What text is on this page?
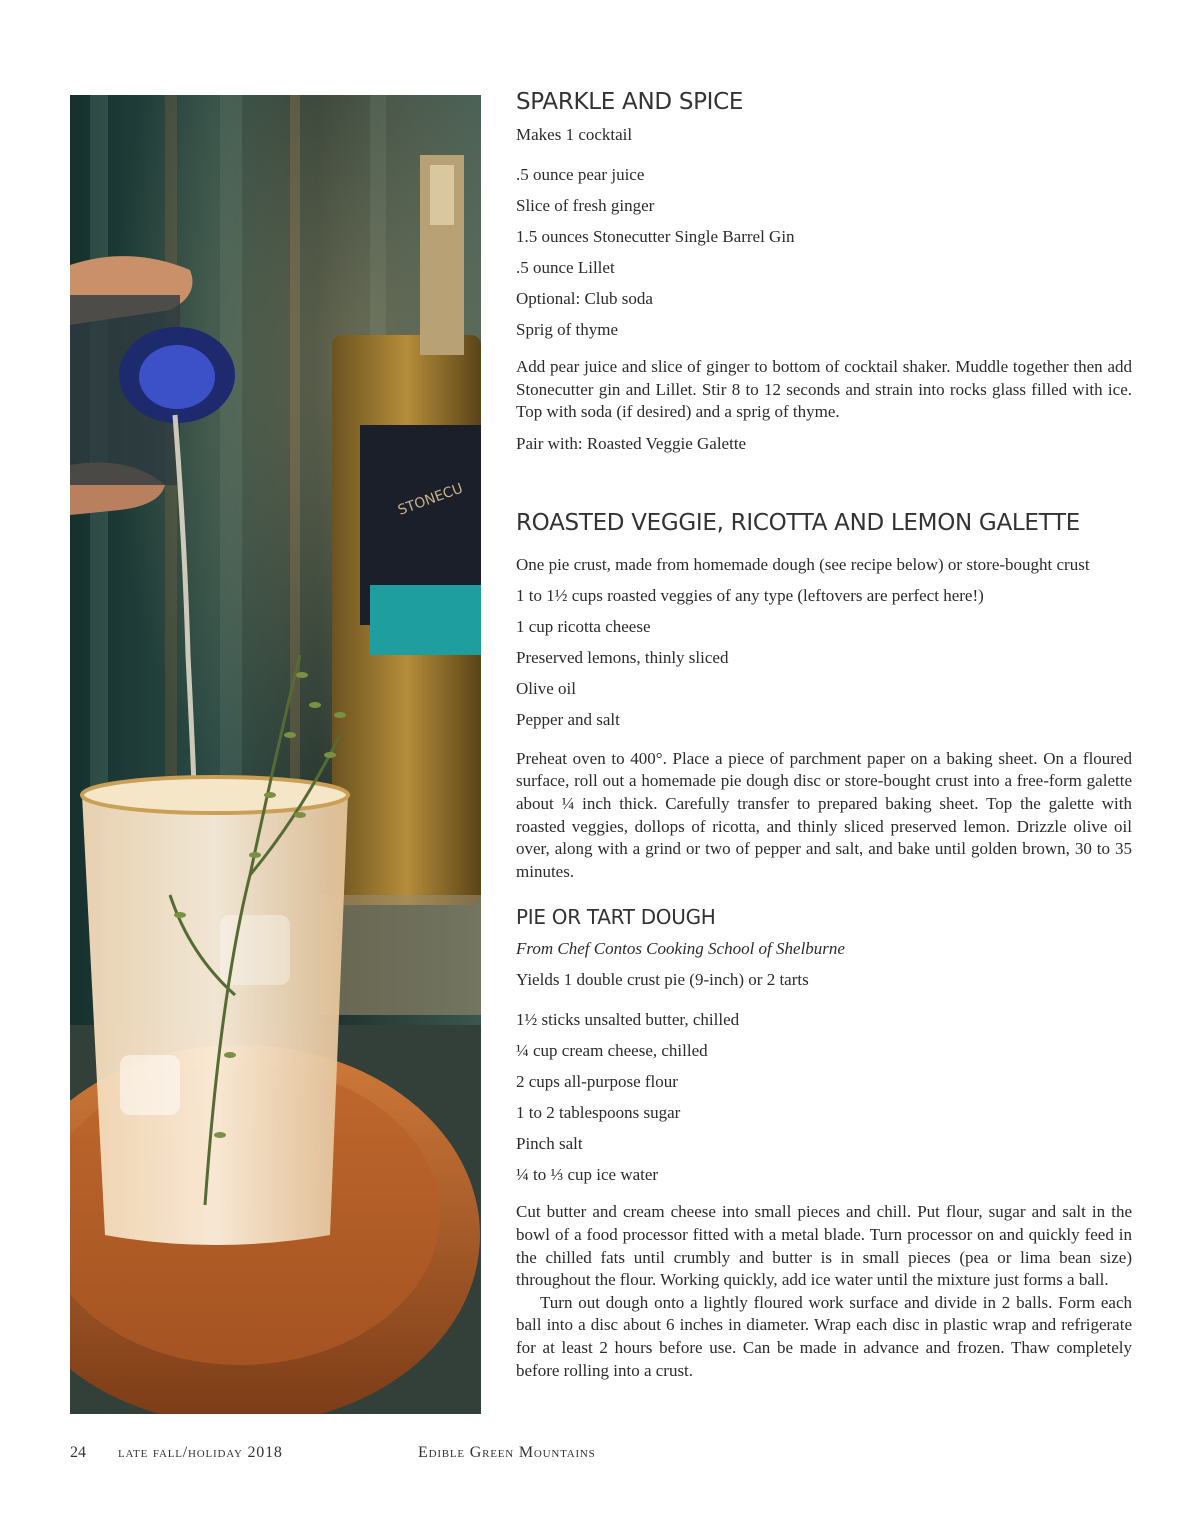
STONECU
SPARKLE AND SPICE

Makes 1 cocktail

.5 ounce pear juice

Slice of fresh ginger

1.5 ounces Stonecutter Single Barrel Gin

.5 ounce Lillet

Optional: Club soda

Sprig of thyme

Add pear juice and slice of ginger to bottom of cocktail shaker. Muddle together then add Stonecutter gin and Lillet. Stir 8 to 12 seconds and strain into rocks glass filled with ice. Top with soda (if desired) and a sprig of thyme.

Pair with: Roasted Veggie Galette

ROASTED VEGGIE, RICOTTA AND LEMON GALETTE

One pie crust, made from homemade dough (see recipe below) or store-bought crust

1 to 1½ cups roasted veggies of any type (leftovers are perfect here!)

1 cup ricotta cheese

Preserved lemons, thinly sliced

Olive oil

Pepper and salt

Preheat oven to 400°. Place a piece of parchment paper on a baking sheet. On a floured surface, roll out a homemade pie dough disc or store-bought crust into a free-form galette about ¼ inch thick. Carefully transfer to prepared baking sheet. Top the galette with roasted veggies, dollops of ricotta, and thinly sliced preserved lemon. Drizzle olive oil over, along with a grind or two of pepper and salt, and bake until golden brown, 30 to 35 minutes.

PIE OR TART DOUGH

From Chef Contos Cooking School of Shelburne

Yields 1 double crust pie (9-inch) or 2 tarts

1½ sticks unsalted butter, chilled

¼ cup cream cheese, chilled

2 cups all-purpose flour

1 to 2 tablespoons sugar

Pinch salt

¼ to ⅓ cup ice water

Cut butter and cream cheese into small pieces and chill. Put flour, sugar and salt in the bowl of a food processor fitted with a metal blade. Turn processor on and quickly feed in the chilled fats until crumbly and butter is in small pieces (pea or lima bean size) throughout the flour. Working quickly, add ice water until the mixture just forms a ball.

Turn out dough onto a lightly floured work surface and divide in 2 balls. Form each ball into a disc about 6 inches in diameter. Wrap each disc in plastic wrap and refrigerate for at least 2 hours before use. Can be made in advance and frozen. Thaw completely before rolling into a crust.

24 late fall/holiday 2018	Edible Green Mountains
